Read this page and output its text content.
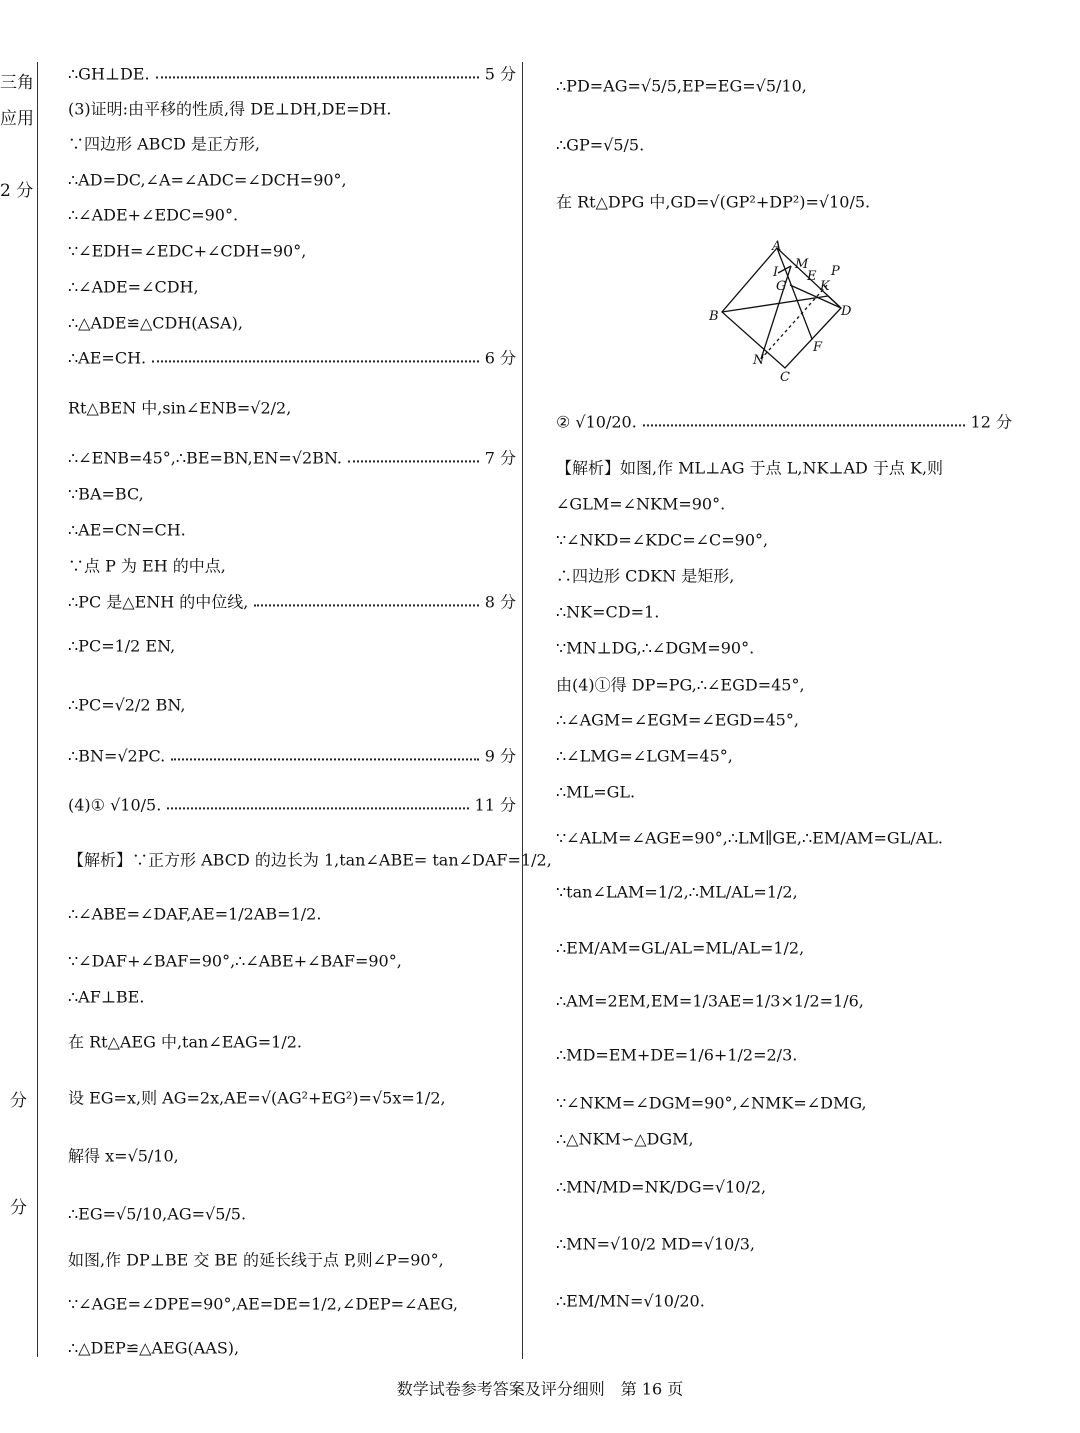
三角
应用
2 分
分
分
∴GH⊥DE.	5 分
(3)证明:由平移的性质,得 DE⊥DH,DE=DH.
∵四边形 ABCD 是正方形,
∴AD=DC,∠A=∠ADC=∠DCH=90°,
∴∠ADE+∠EDC=90°.
∵∠EDH=∠EDC+∠CDH=90°,
∴∠ADE=∠CDH,
∴△ADE≌△CDH(ASA),
∴AE=CH.	6 分
Rt△BEN 中,sin∠ENB=√2/2,
∴∠ENB=45°,∴BE=BN,EN=√2BN.	7 分
∵BA=BC,
∴AE=CN=CH.
∵点 P 为 EH 的中点,
∴PC 是△ENH 的中位线,	8 分
∴PC=1/2 EN,
∴PC=√2/2 BN,
∴BN=√2PC.	9 分
(4)① √10/5.	11 分
【解析】∵正方形 ABCD 的边长为 1,tan∠ABE= tan∠DAF=1/2,
∴∠ABE=∠DAF,AE=1/2AB=1/2.
∵∠DAF+∠BAF=90°,∴∠ABE+∠BAF=90°,
∴AF⊥BE.
在 Rt△AEG 中,tan∠EAG=1/2.
设 EG=x,则 AG=2x,AE=√(AG²+EG²)=√5x=1/2,
解得 x=√5/10,
∴EG=√5/10,AG=√5/5.
如图,作 DP⊥BE 交 BE 的延长线于点 P,则∠P=90°,
∵∠AGE=∠DPE=90°,AE=DE=1/2,∠DEP=∠AEG,
∴△DEP≌△AEG(AAS),
∴PD=AG=√5/5,EP=EG=√5/10,
∴GP=√5/5.
在 Rt△DPG 中,GD=√(GP²+DP²)=√10/5.
② √10/20.	12 分
【解析】如图,作 ML⊥AG 于点 L,NK⊥AD 于点 K,则
∠GLM=∠NKM=90°.
∵∠NKD=∠KDC=∠C=90°,
∴四边形 CDKN 是矩形,
∴NK=CD=1.
∵MN⊥DG,∴∠DGM=90°.
由(4)①得 DP=PG,∴∠EGD=45°,
∴∠AGM=∠EGM=∠EGD=45°,
∴∠LMG=∠LGM=45°,
∴ML=GL.
∵∠ALM=∠AGE=90°,∴LM∥GE,∴EM/AM=GL/AL.
∵tan∠LAM=1/2,∴ML/AL=1/2,
∴EM/AM=GL/AL=ML/AL=1/2,
∴AM=2EM,EM=1/3AE=1/3×1/2=1/6,
∴MD=EM+DE=1/6+1/2=2/3.
∵∠NKM=∠DGM=90°,∠NMK=∠DMG,
∴△NKM∽△DGM,
∴MN/MD=NK/DG=√10/2,
∴MN=√10/2 MD=√10/3,
∴EM/MN=√10/20.
A
M
E P
I
G	K
B	D
N
F
C
数学试卷参考答案及评分细则　第 16 页
